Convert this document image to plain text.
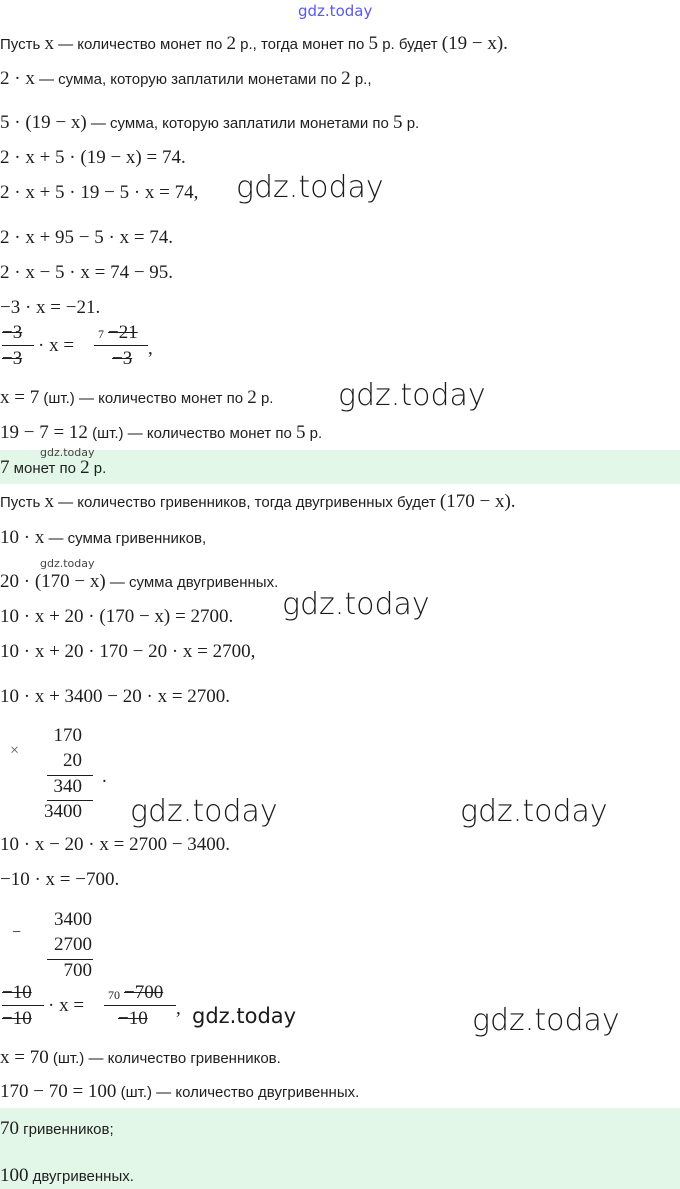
gdz.today
Пусть x — количество монет по 2 р., тогда монет по 5 р. будет (19 − x).
2 · x — сумма, которую заплатили монетами по 2 р.,
5 · (19 − x) — сумма, которую заплатили монетами по 5 р.
2 · x + 5 · (19 − x) = 74.
2 · x + 5 · 19 − 5 · x = 74, gdz.today
2 · x + 95 − 5 · x = 74.
2 · x − 5 · x = 74 − 95.
−3 · x = −21.
−3
−3
· x =
7 −21
−3 ,
x = 7 (шт.) — количество монет по 2 р. gdz.today
19 − 7 = 12 (шт.) — количество монет по 5 р.
gdz.today
7 монет по 2 р.
Пусть x — количество гривенников, тогда двугривенных будет (170 − x).
10 · x — сумма гривенников,
gdz.today
20 · (170 − x) — сумма двугривенных.
10 · x + 20 · (170 − x) = 2700. gdz.today
10 · x + 20 · 170 − 20 · x = 2700,
10 · x + 3400 − 20 · x = 2700.
×
170
20
340
3400
.
gdz.today	gdz.today
10 · x − 20 · x = 2700 − 3400.
−10 · x = −700.
−
3400
2700
700
−10
−10
· x = 70 −700
−10 , gdz.today	gdz.today
x = 70 (шт.) — количество гривенников.
170 − 70 = 100 (шт.) — количество двугривенных.
70 гривенников;
100 двугривенных.
